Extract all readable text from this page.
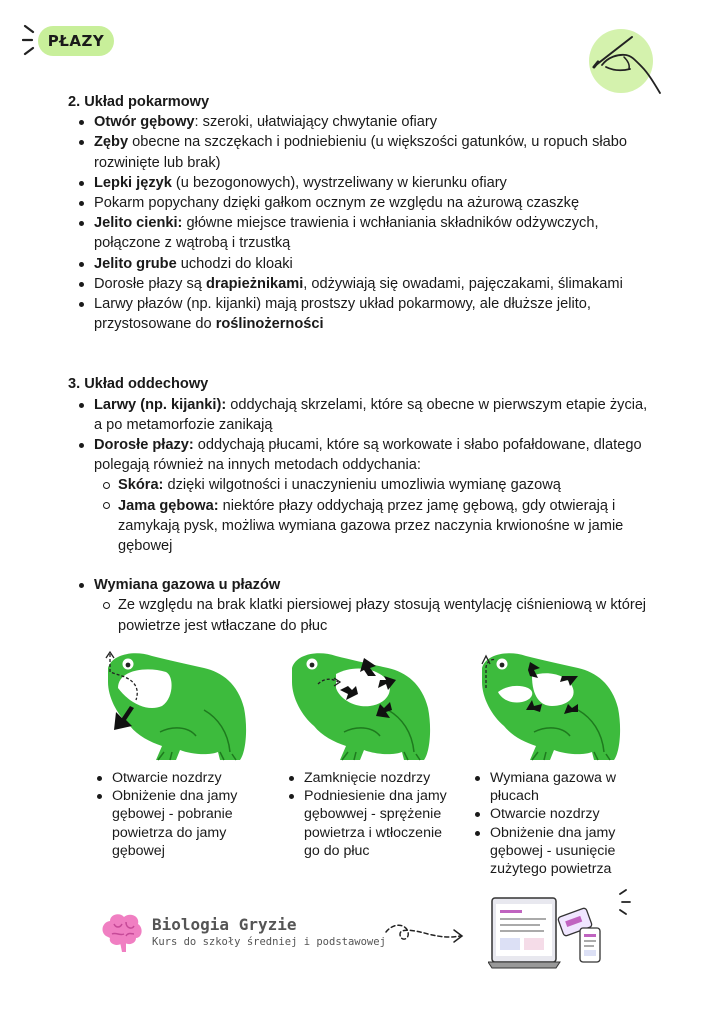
PŁAZY
2. Układ pokarmowy
Otwór gębowy: szeroki, ułatwiający chwytanie ofiary
Zęby obecne na szczękach i podniebieniu (u większości gatunków, u ropuch słabo rozwinięte lub brak)
Lepki język (u bezogonowych), wystrzeliwany w kierunku ofiary
Pokarm popychany dzięki gałkom ocznym ze względu na ażurową czaszkę
Jelito cienki: główne miejsce trawienia i wchłaniania składników odżywczych, połączone z wątrobą i trzustką
Jelito grube uchodzi do kloaki
Dorosłe płazy są drapieżnikami, odżywiają się owadami, pajęczakami, ślimakami
Larwy płazów (np. kijanki) mają prostszy układ pokarmowy, ale dłuższe jelito, przystosowane do roślinożerności
3. Układ oddechowy
Larwy (np. kijanki): oddychają skrzelami, które są obecne w pierwszym etapie życia, a po metamorfozie zanikają
Dorosłe płazy: oddychają płucami, które są workowate i słabo pofałdowane, dlatego polegają również na innych metodach oddychania:
Skóra: dzięki wilgotności i unaczynieniu umozliwia wymianę gazową
Jama gębowa: niektóre płazy oddychają przez jamę gębową, gdy otwierają i zamykają pysk, możliwa wymiana gazowa przez naczynia krwionośne w jamie gębowej
Wymiana gazowa u płazów
Ze względu na brak klatki piersiowej płazy stosują wentylację ciśnieniową w której powietrze jest wtłaczane do płuc
Otwarcie nozdrzy
Obniżenie dna jamy gębowej - pobranie powietrza do jamy gębowej
Zamknięcie nozdrzy
Podniesienie dna jamy gębowwej - sprężenie powietrza i wtłoczenie go do płuc
Wymiana gazowa w płucach
Otwarcie nozdrzy
Obniżenie dna jamy gębowej - usunięcie zużytego powietrza
Biologia Gryzie
Kurs do szkoły średniej i podstawowej
